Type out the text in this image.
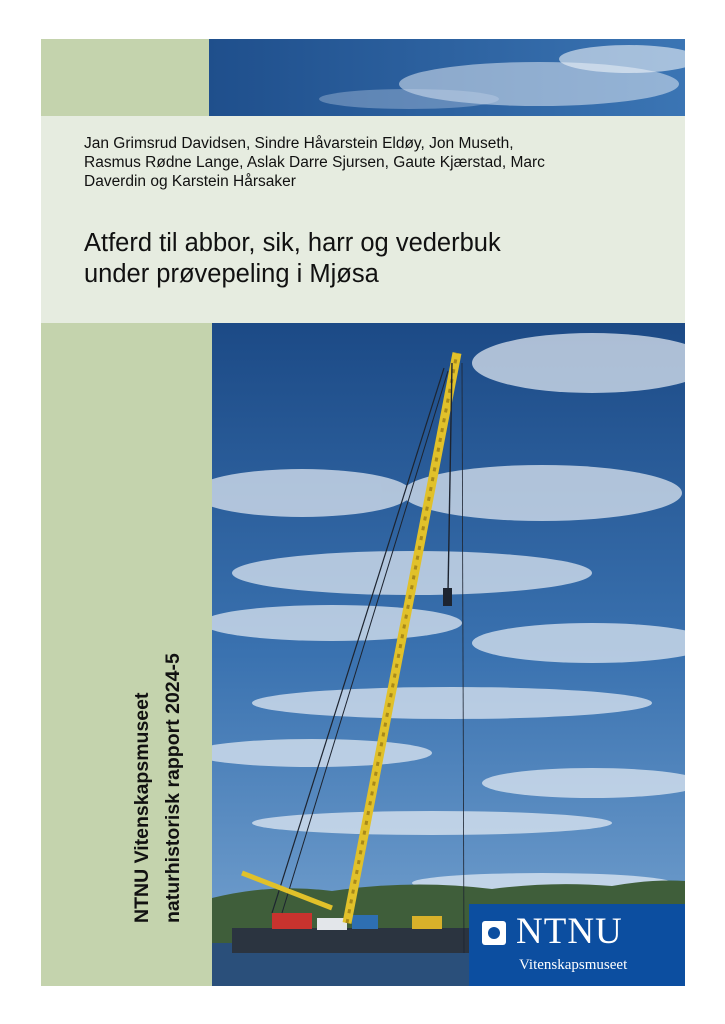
Jan Grimsrud Davidsen, Sindre Håvarstein Eldøy, Jon Museth,
Rasmus Rødne Lange, Aslak Darre Sjursen, Gaute Kjærstad, Marc
Daverdin og Karstein Hårsaker
Atferd til abbor, sik, harr og vederbuk
under prøvepeling i Mjøsa
NTNU Vitenskapsmuseet
naturhistorisk rapport 2024-5
NTNU
Vitenskapsmuseet
